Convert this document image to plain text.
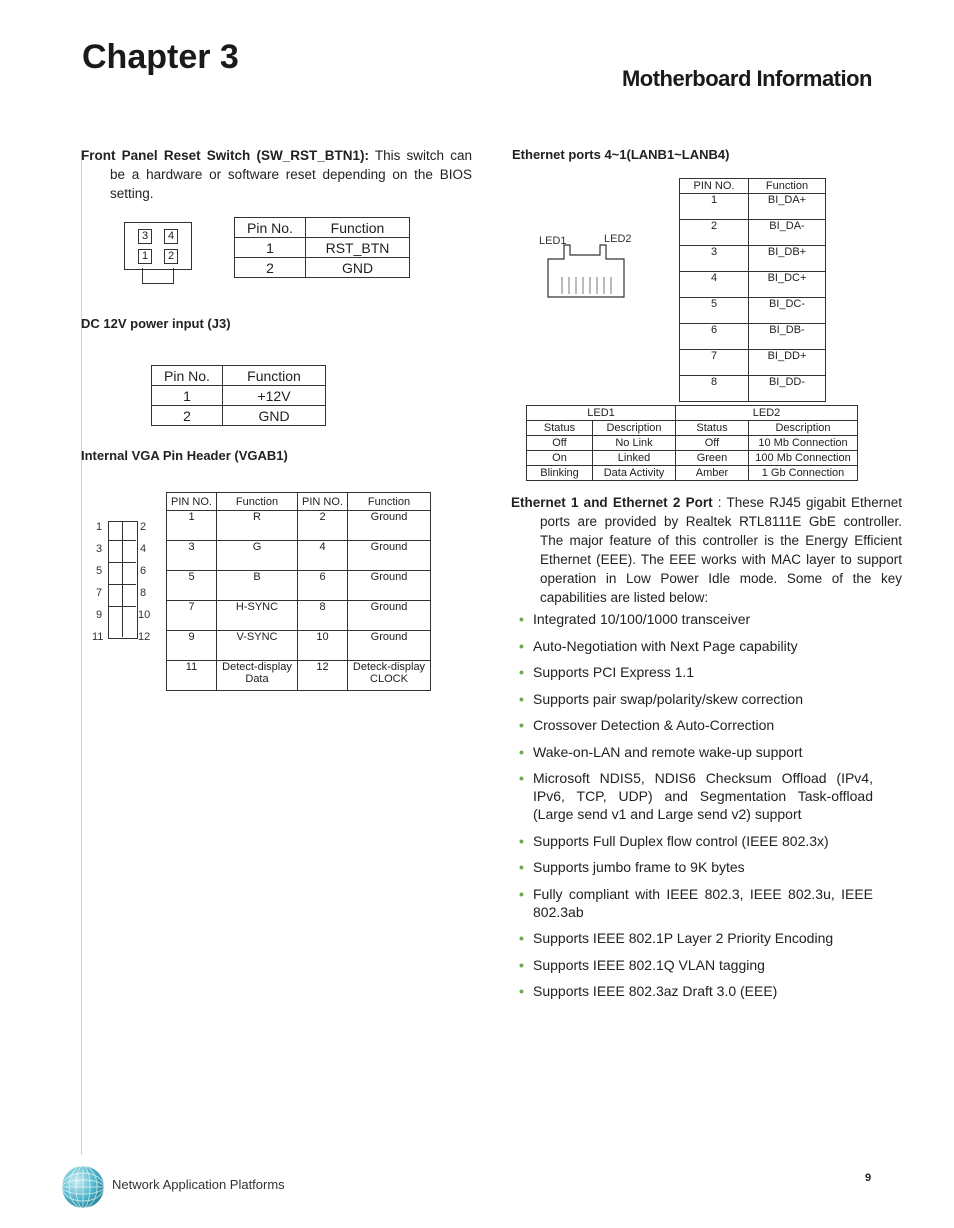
Chapter 3
Motherboard Information
Front Panel Reset Switch (SW_RST_BTN1): This switch can be a hardware or software reset depending on the BIOS setting.
3	4
1	2
Pin No.	Function
1	RST_BTN
2	GND
DC 12V power input (J3)
Pin No.	Function
1	+12V
2	GND
Internal VGA Pin Header (VGAB1)
1
3
5
7
9
11
2
4
6
8
10
12
PIN NO.	Function	PIN NO.	Function
1	R	2	Ground
3	G	4	Ground
5	B	6	Ground
7	H-SYNC	8	Ground
9	V-SYNC	10	Ground
11	Detect-display Data	12	Deteck-display CLOCK
Ethernet ports 4~1(LANB1~LANB4)
LED1	LED2
PIN NO.	Function
1	BI_DA+
2	BI_DA-
3	BI_DB+
4	BI_DC+
5	BI_DC-
6	BI_DB-
7	BI_DD+
8	BI_DD-
LED1		LED2	
Status	Description	Status	Description
Off	No Link	Off	10 Mb Connection
On	Linked	Green	100 Mb Connection
Blinking	Data Activity	Amber	1 Gb Connection
Ethernet 1 and Ethernet 2 Port : These RJ45 gigabit Ethernet ports are provided by Realtek RTL8111E GbE controller. The major feature of this controller is the Energy Efficient Ethernet (EEE). The EEE works with MAC layer to support operation in Low Power Idle mode. Some of the key capabilities are listed below:
• Integrated 10/100/1000 transceiver
• Auto-Negotiation with Next Page capability
• Supports PCI Express 1.1
• Supports pair swap/polarity/skew correction
• Crossover Detection & Auto-Correction
• Wake-on-LAN and remote wake-up support
• Microsoft NDIS5, NDIS6 Checksum Offload (IPv4, IPv6, TCP, UDP) and Segmentation Task-offload (Large send v1 and Large send v2) support
• Supports Full Duplex flow control (IEEE 802.3x)
• Supports jumbo frame to 9K bytes
• Fully compliant with IEEE 802.3, IEEE 802.3u, IEEE 802.3ab
• Supports IEEE 802.1P Layer 2 Priority Encoding
• Supports IEEE 802.1Q VLAN tagging
• Supports IEEE 802.3az Draft 3.0 (EEE)
Network Application Platforms	9
